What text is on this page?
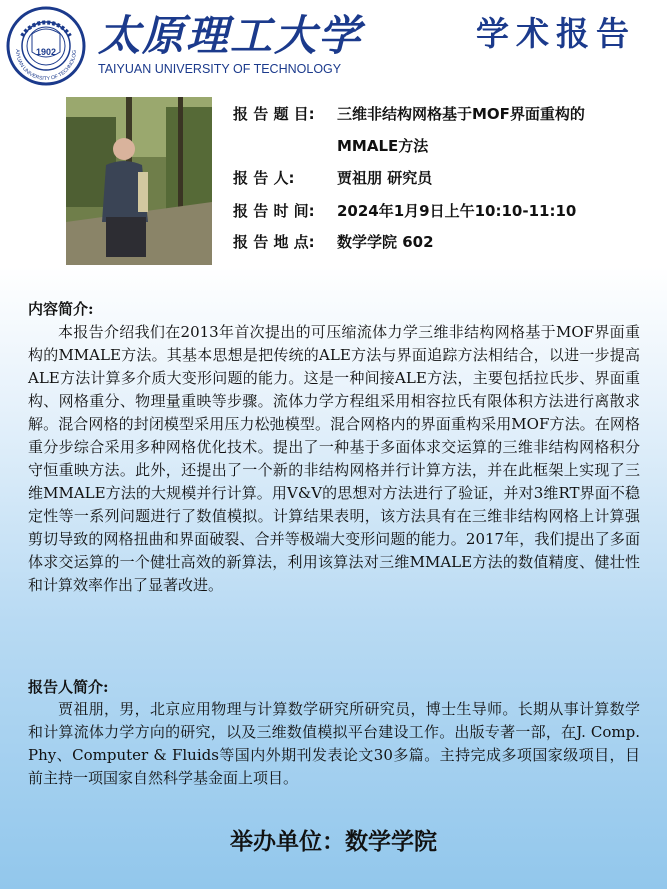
1902
AIYUAN UNIVERSITY OF TECHNOLOG 太原理工大学
TAIYUAN UNIVERSITY OF TECHNOLOGY
学术报告
报 告 题 目: 三维非结构网格基于MOF界面重构的
MMALE方法
报 告 人:	贾祖朋 研究员
报 告 时 间: 2024年1月9日上午10:10-11:10
报 告 地 点: 数学学院 602
内容简介:

本报告介绍我们在2013年首次提出的可压缩流体力学三维非结构网格基于MOF界面重构的MMALE方法。其基本思想是把传统的ALE方法与界面追踪方法相结合，以进一步提高ALE方法计算多介质大变形问题的能力。这是一种间接ALE方法，主要包括拉氏步、界面重构、网格重分、物理量重映等步骤。流体力学方程组采用相容拉氏有限体积方法进行离散求解。混合网格的封闭模型采用压力松弛模型。混合网格内的界面重构采用MOF方法。在网格重分步综合采用多种网格优化技术。提出了一种基于多面体求交运算的三维非结构网格积分守恒重映方法。此外，还提出了一个新的非结构网格并行计算方法，并在此框架上实现了三维MMALE方法的大规模并行计算。用V&V的思想对方法进行了验证，并对3维RT界面不稳定性等一系列问题进行了数值模拟。计算结果表明，该方法具有在三维非结构网格上计算强剪切导致的网格扭曲和界面破裂、合并等极端大变形问题的能力。2017年，我们提出了多面体求交运算的一个健壮高效的新算法，利用该算法对三维MMALE方法的数值精度、健壮性和计算效率作出了显著改进。

报告人简介:

贾祖朋，男，北京应用物理与计算数学研究所研究员，博士生导师。长期从事计算数学和计算流体力学方向的研究，以及三维数值模拟平台建设工作。出版专著一部，在J. Comp. Phy、Computer & Fluids等国内外期刊发表论文30多篇。主持完成多项国家级项目，目前主持一项国家自然科学基金面上项目。

举办单位：数学学院
